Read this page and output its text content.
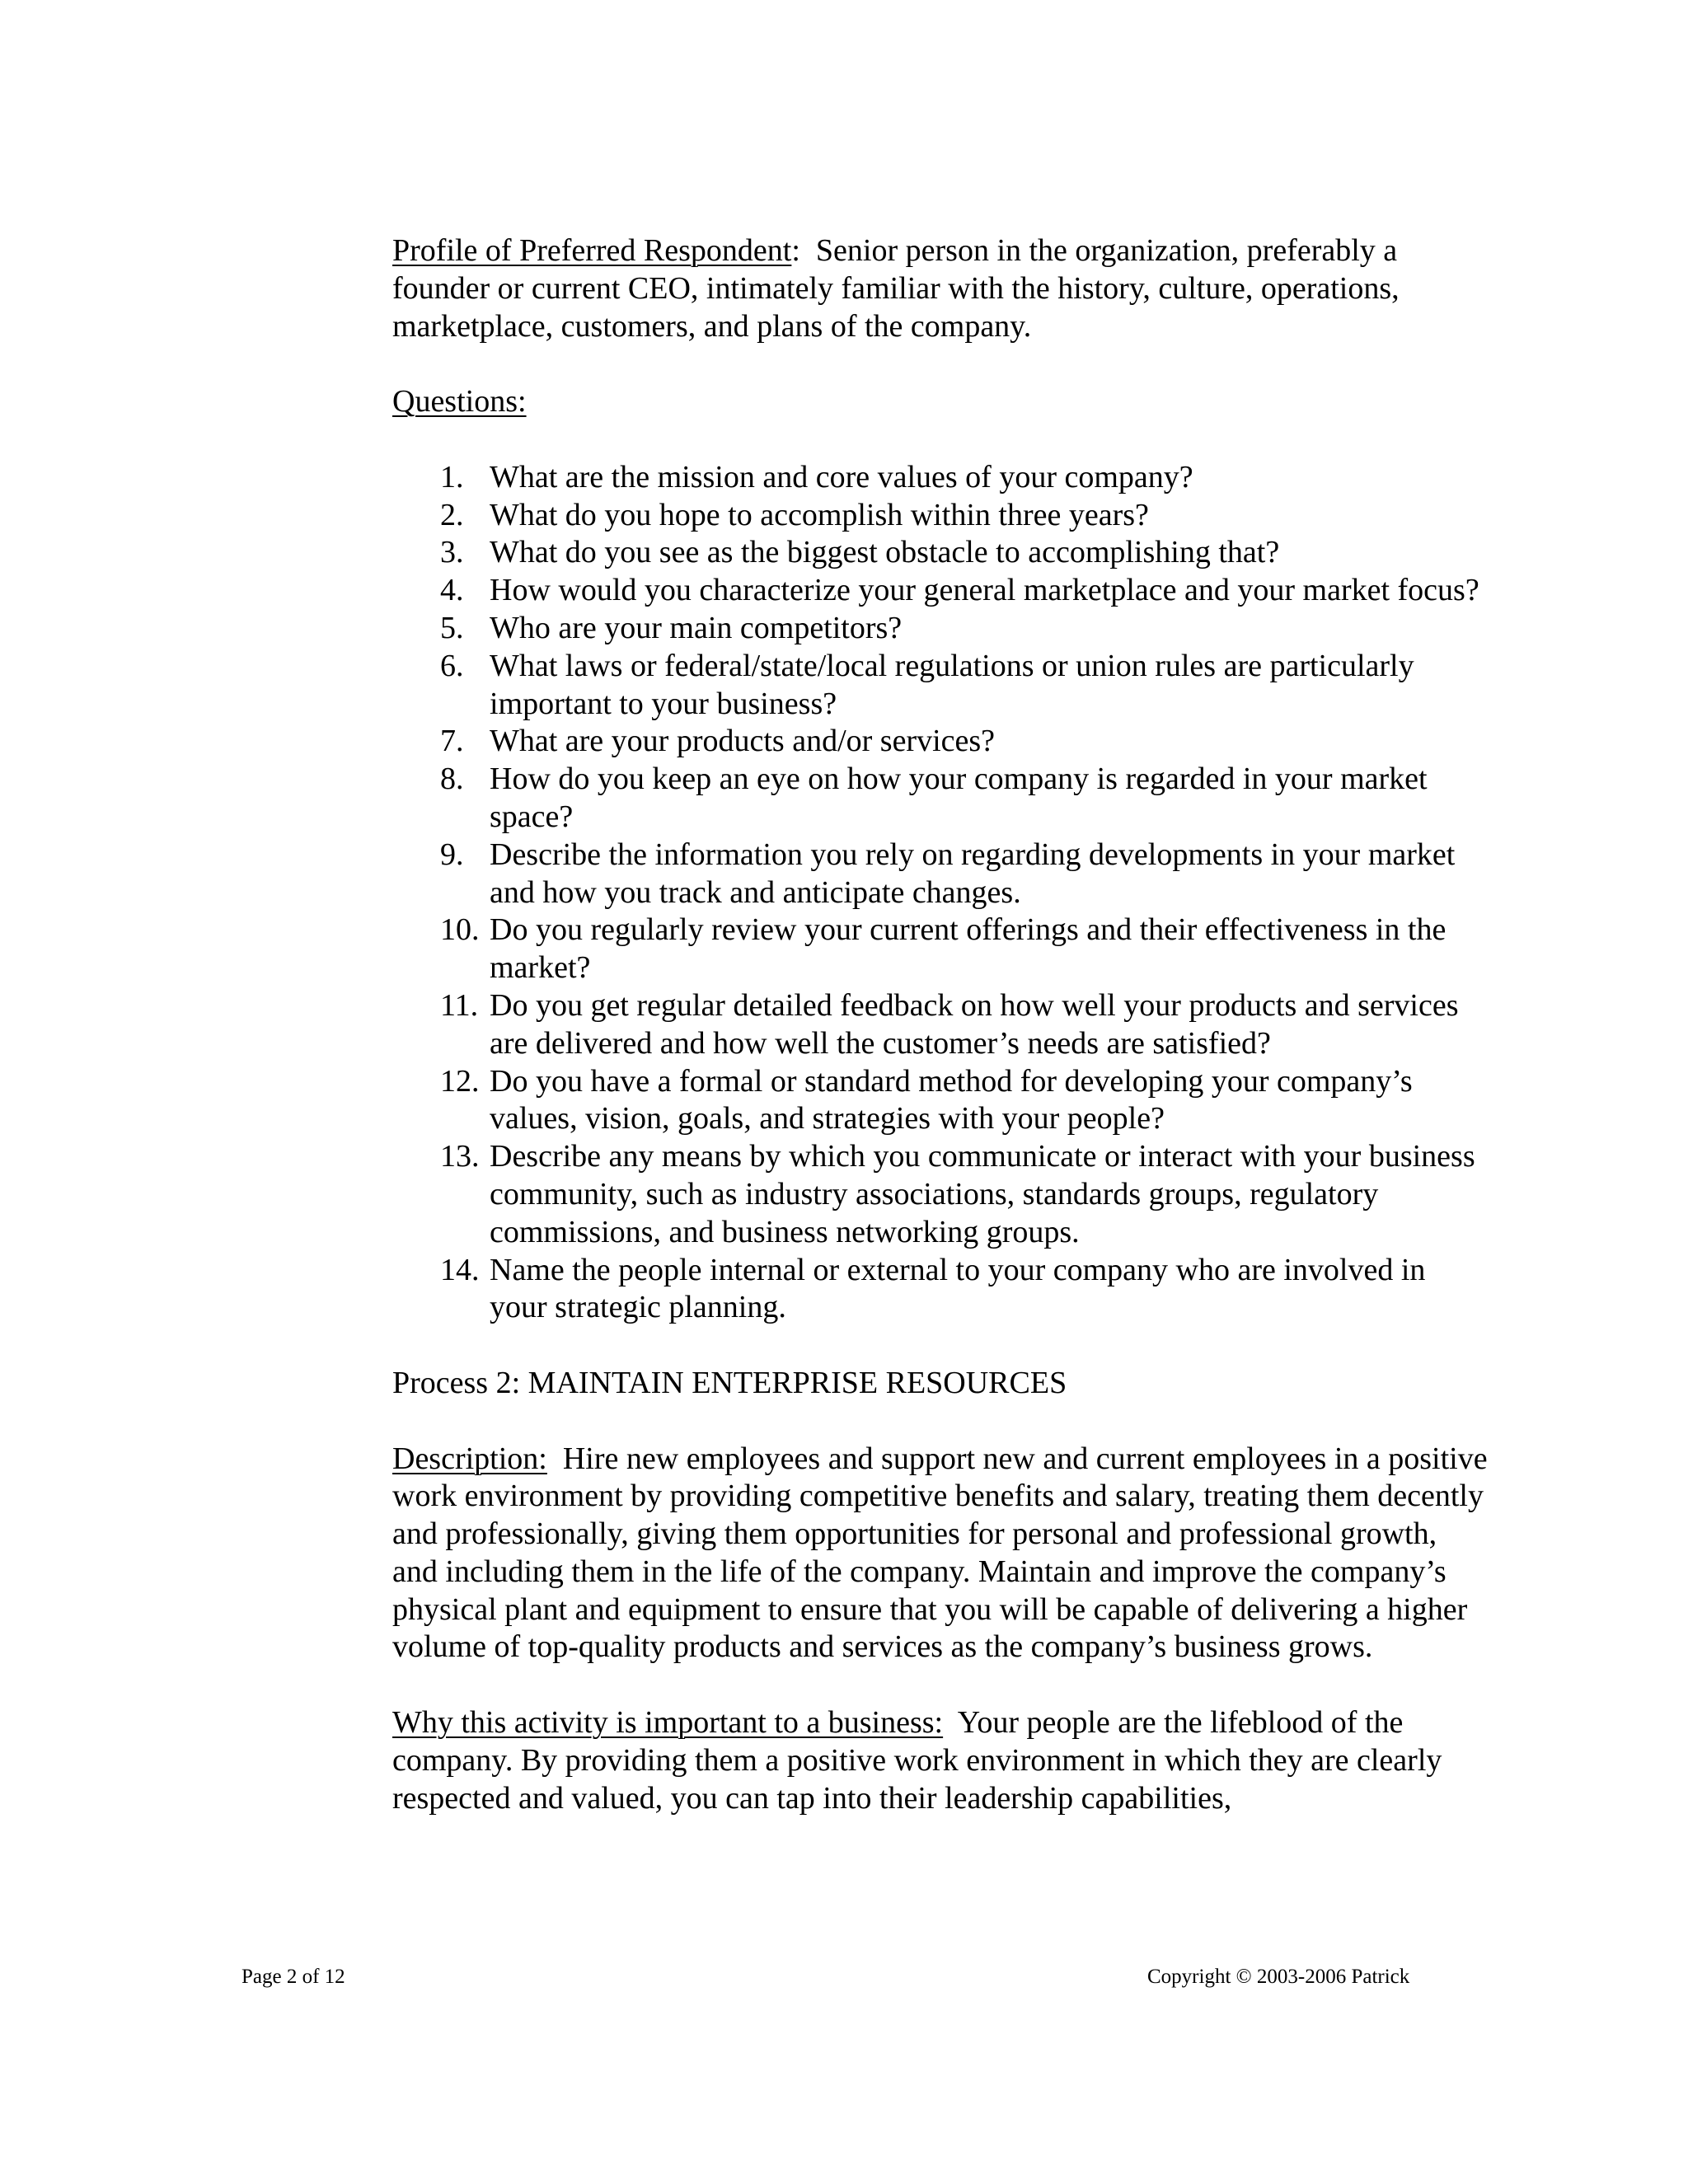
Profile of Preferred Respondent:  Senior person in the organization, preferably a founder or current CEO, intimately familiar with the history, culture, operations, marketplace, customers, and plans of the company.

Questions:

1. What are the mission and core values of your company?
2. What do you hope to accomplish within three years?
3. What do you see as the biggest obstacle to accomplishing that?
4. How would you characterize your general marketplace and your market focus?
5. Who are your main competitors?
6. What laws or federal/state/local regulations or union rules are particularly important to your business?
7. What are your products and/or services?
8. How do you keep an eye on how your company is regarded in your market space?
9. Describe the information you rely on regarding developments in your market and how you track and anticipate changes.
10. Do you regularly review your current offerings and their effectiveness in the market?
11. Do you get regular detailed feedback on how well your products and services are delivered and how well the customer’s needs are satisfied?
12. Do you have a formal or standard method for developing your company’s values, vision, goals, and strategies with your people?
13. Describe any means by which you communicate or interact with your business community, such as industry associations, standards groups, regulatory commissions, and business networking groups.
14. Name the people internal or external to your company who are involved in your strategic planning.

Process 2: MAINTAIN ENTERPRISE RESOURCES

Description: Hire new employees and support new and current employees in a positive work environment by providing competitive benefits and salary, treating them decently and professionally, giving them opportunities for personal and professional growth, and including them in the life of the company. Maintain and improve the company’s physical plant and equipment to ensure that you will be capable of delivering a higher volume of top-quality products and services as the company’s business grows.

Why this activity is important to a business: Your people are the lifeblood of the company. By providing them a positive work environment in which they are clearly respected and valued, you can tap into their leadership capabilities,

Page 2 of 12	Copyright © 2003-2006 Patrick
